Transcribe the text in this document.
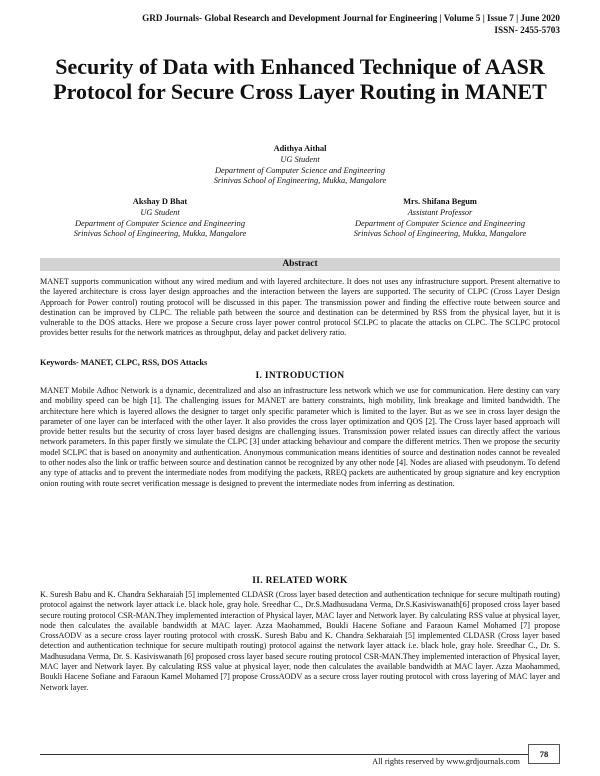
GRD Journals- Global Research and Development Journal for Engineering | Volume 5 | Issue 7 | June 2020
ISSN- 2455-5703
Security of Data with Enhanced Technique of AASR Protocol for Secure Cross Layer Routing in MANET
Adithya Aithal
UG Student
Department of Computer Science and Engineering
Srinivas School of Engineering, Mukka, Mangalore
Akshay D Bhat
UG Student
Department of Computer Science and Engineering
Srinivas School of Engineering, Mukka, Mangalore
Mrs. Shifana Begum
Assistant Professor
Department of Computer Science and Engineering
Srinivas School of Engineering, Mukka, Mangalore
Abstract

MANET supports communication without any wired medium and with layered architecture. It does not uses any infrastructure support. Present alternative to the layered architecture is cross layer design approaches and the interaction between the layers are supported. The security of CLPC (Cross Layer Design Approach for Power control) routing protocol will be discussed in this paper. The transmission power and finding the effective route between source and destination can be improved by CLPC. The reliable path between the source and destination can be determined by RSS from the physical layer, but it is vulnerable to the DOS attacks. Here we propose a Secure cross layer power control protocol SCLPC to placate the attacks on CLPC. The SCLPC protocol provides better results for the network matrices as throughput, delay and packet delivery ratio.

Keywords- MANET, CLPC, RSS, DOS Attacks
I. INTRODUCTION

MANET Mobile Adhoc Network is a dynamic, decentralized and also an infrastructure less network which we use for communication. Here destiny can vary and mobility speed can be high [1]. The challenging issues for MANET are battery constraints, high mobility, link breakage and limited bandwidth. The architecture here which is layered allows the designer to target only specific parameter which is limited to the layer. But as we see in cross layer design the parameter of one layer can be interfaced with the other layer. It also provides the cross layer optimization and QOS [2]. The Cross layer based approach will provide better results but the security of cross layer based designs are challenging issues. Transmission power related issues can directly affect the various network parameters. In this paper firstly we simulate the CLPC [3] under attacking behaviour and compare the different metrics. Then we propose the security model SCLPC that is based on anonymity and authentication. Anonymous communication means identities of source and destination nodes cannot be revealed to other nodes also the link or traffic between source and destination cannot be recognized by any other node [4]. Nodes are aliased with pseudonym. To defend any type of attacks and to prevent the intermediate nodes from modifying the packets, RREQ packets are authenticated by group signature and key encryption onion routing with route secret verification message is designed to prevent the intermediate nodes from inferring as destination.

II. RELATED WORK

K. Suresh Babu and K. Chandra Sekharaiah [5] implemented CLDASR (Cross layer based detection and authentication technique for secure multipath routing) protocol against the network layer attack i.e. black hole, gray hole. Sreedhar C., Dr.S.Madhusudana Verma, Dr.S.Kasiviswanath[6] proposed cross layer based secure routing protocol CSR-MAN.They implemented interaction of Physical layer, MAC layer and Network layer. By calculating RSS value at physical layer, node then calculates the available bandwidth at MAC layer. Azza Maohammed, Boukli Hacene Sofiane and Faraoun Kamel Mohamed [7] propose CrossAODV as a secure cross layer routing protocol with crossK. Suresh Babu and K. Chandra Sekharaiah [5] implemented CLDASR (Cross layer based detection and authentication technique for secure multipath routing) protocol against the network layer attack i.e. black hole, gray hole. Sreedhar C., Dr. S. Madhusudana Verma, Dr. S. Kasiviswanath [6] proposed cross layer based secure routing protocol CSR-MAN.They implemented interaction of Physical layer, MAC layer and Network layer. By calculating RSS value at physical layer, node then calculates the available bandwidth at MAC layer. Azza Maohammed, Boukli Hacene Sofiane and Faraoun Kamel Mohamed [7] propose CrossAODV as a secure cross layer routing protocol with cross layering of MAC layer and Network layer.

All rights reserved by www.grdjournals.com
78
